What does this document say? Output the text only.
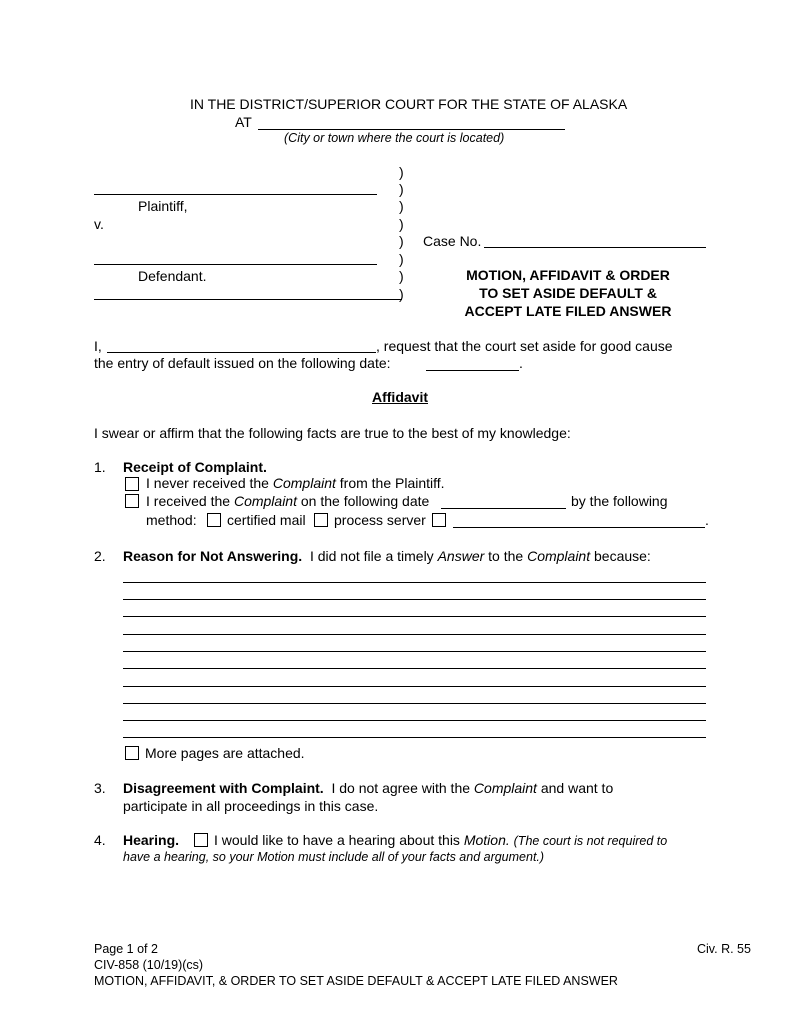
IN THE DISTRICT/SUPERIOR COURT FOR THE STATE OF ALASKA
AT
(City or town where the court is located)
)
)
)
)
)
)
)
)
Plaintiff,
v.
Case No.
Defendant.	MOTION, AFFIDAVIT & ORDER
TO SET ASIDE DEFAULT &
ACCEPT LATE FILED ANSWER
I,	, request that the court set aside for good cause
the entry of default issued on the following date:	.
Affidavit
I swear or affirm that the following facts are true to the best of my knowledge:
1. Receipt of Complaint.
I never received the Complaint from the Plaintiff.
I received the Complaint on the following date	by the following
method: certified mail process server	.
2. Reason for Not Answering. I did not file a timely Answer to the Complaint because:
More pages are attached.
3. Disagreement with Complaint. I do not agree with the Complaint and want to
participate in all proceedings in this case.
4. Hearing. I would like to have a hearing about this Motion. (The court is not required to
have a hearing, so your Motion must include all of your facts and argument.)
Page 1 of 2	Civ. R. 55
CIV-858 (10/19)(cs)
MOTION, AFFIDAVIT, & ORDER TO SET ASIDE DEFAULT & ACCEPT LATE FILED ANSWER
